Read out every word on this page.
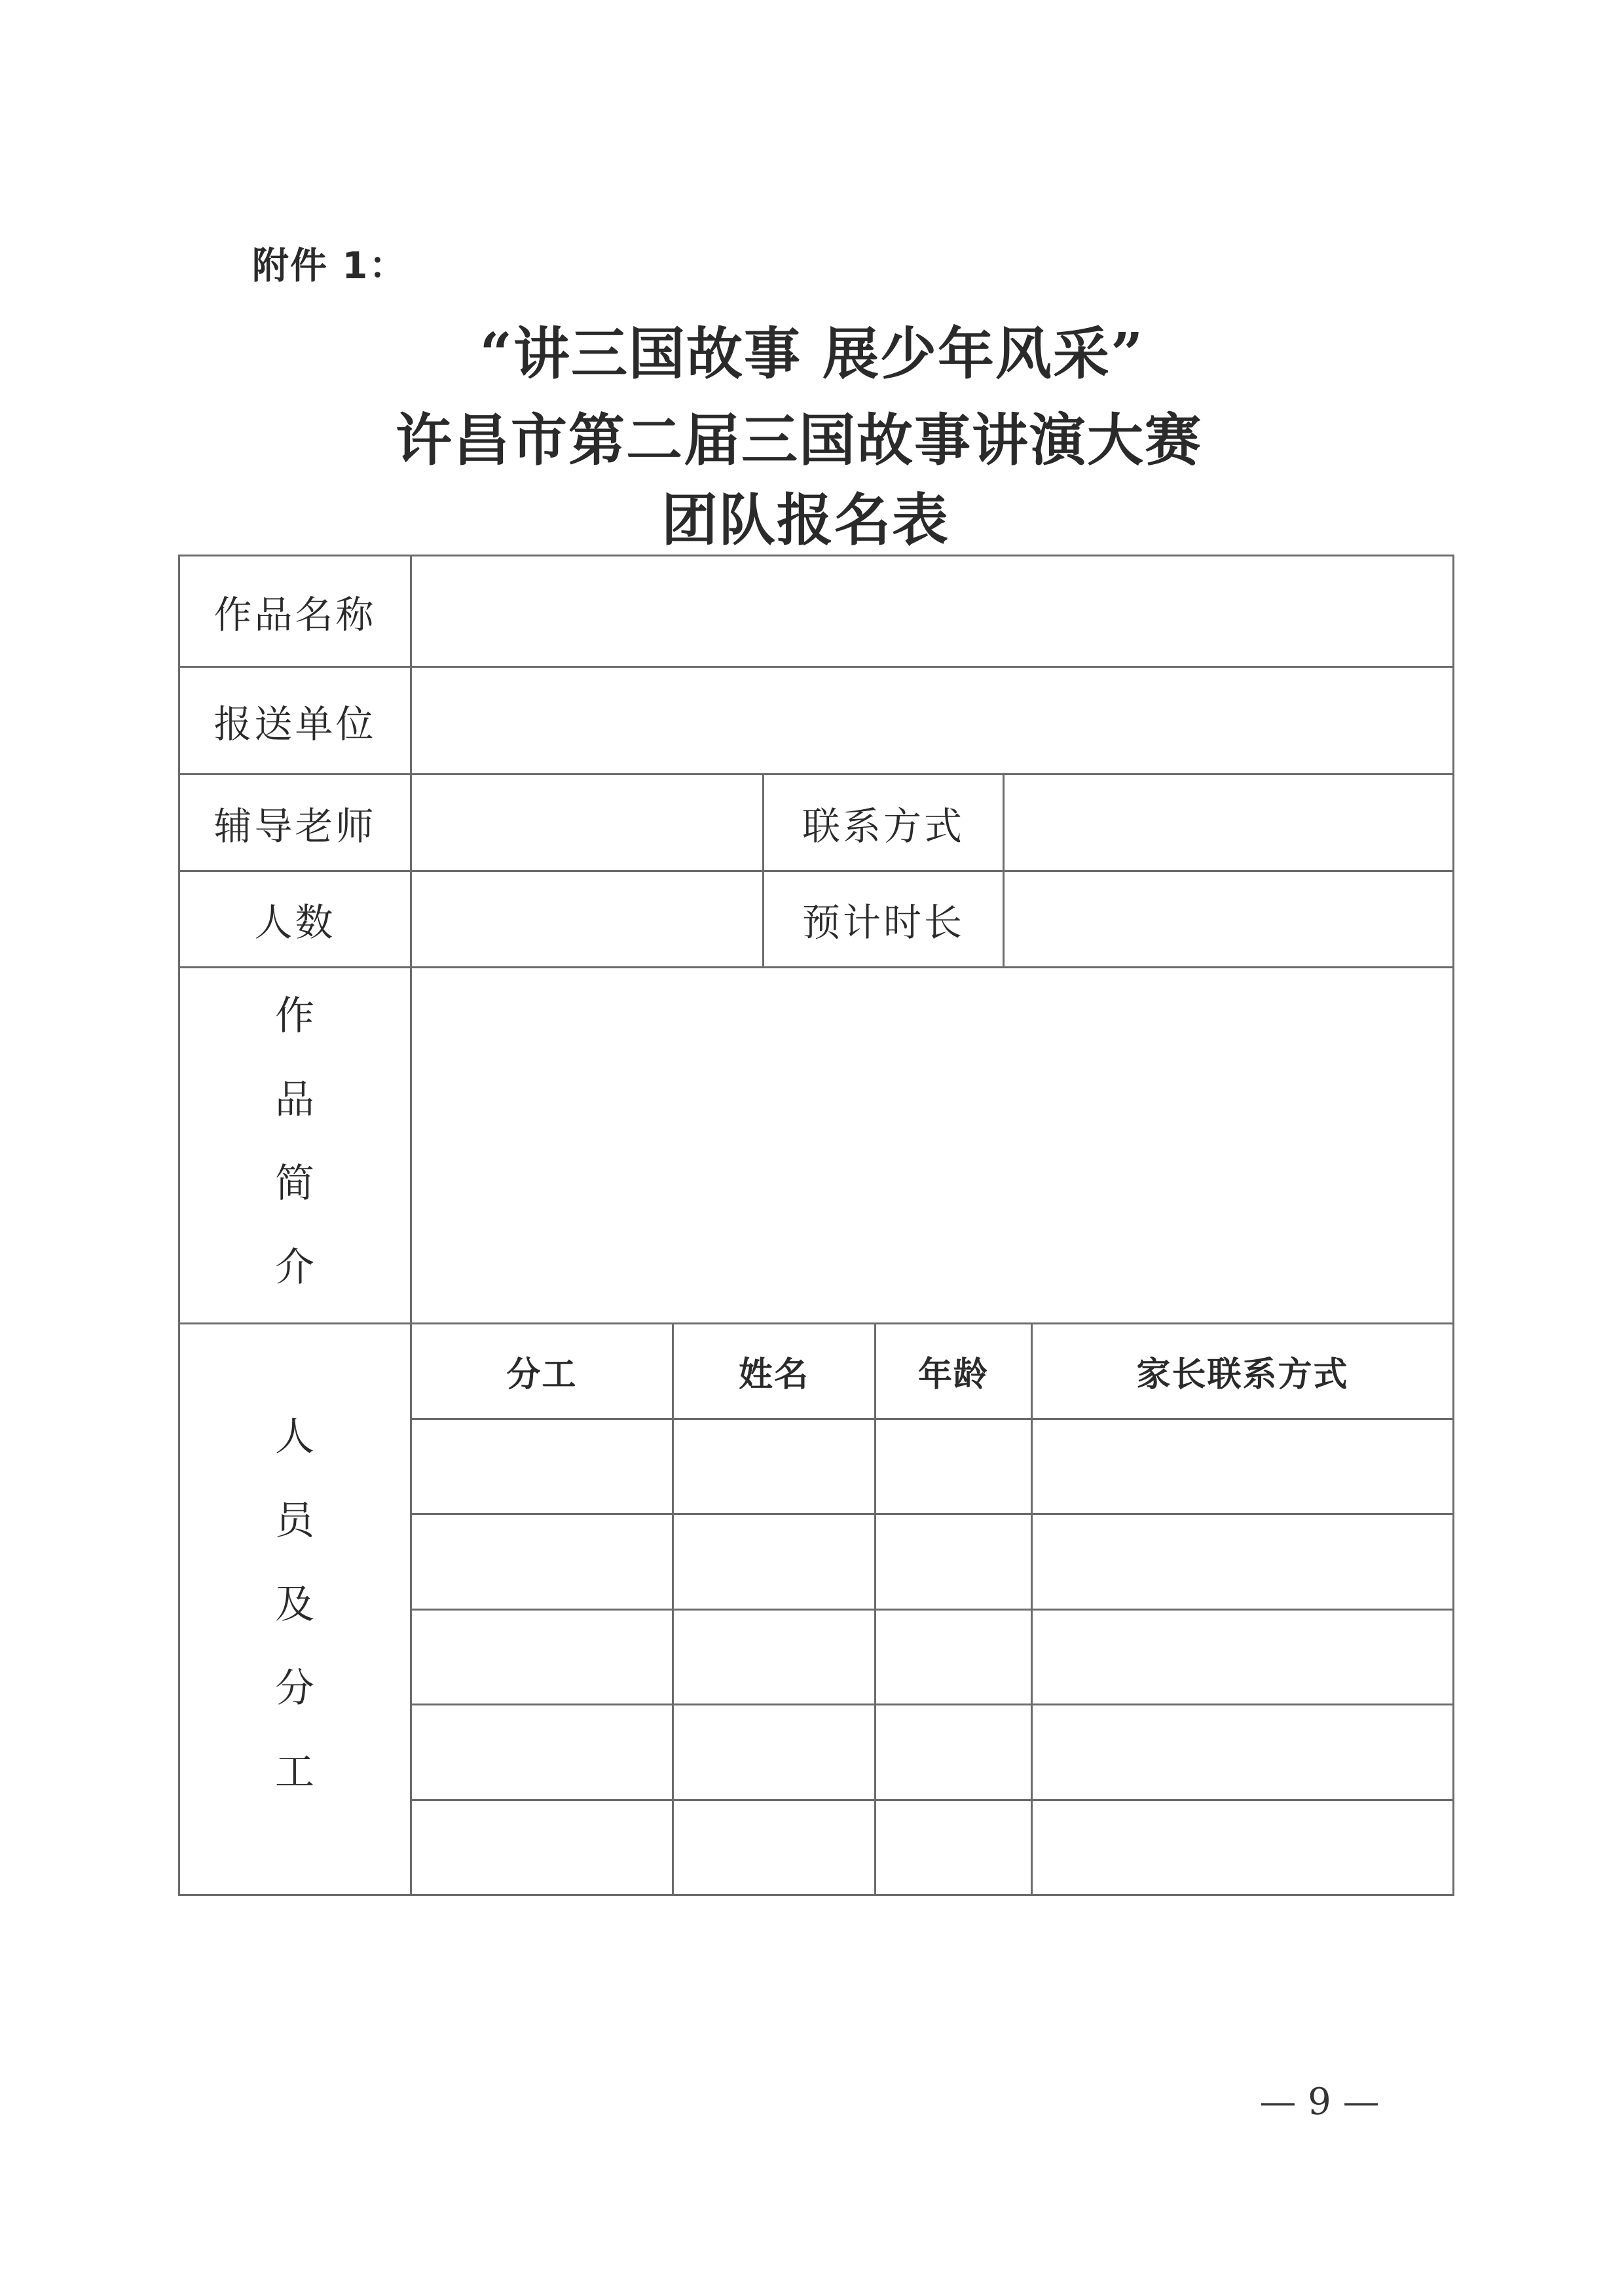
附件 1：
“讲三国故事 展少年风采”
许昌市第二届三国故事讲演大赛
团队报名表
作品名称
报送单位
辅导老师	联系方式
人数	预计时长
作
品
简
介
人
员
及
分
工
分工	姓名	年龄	家长联系方式
— 9 —
